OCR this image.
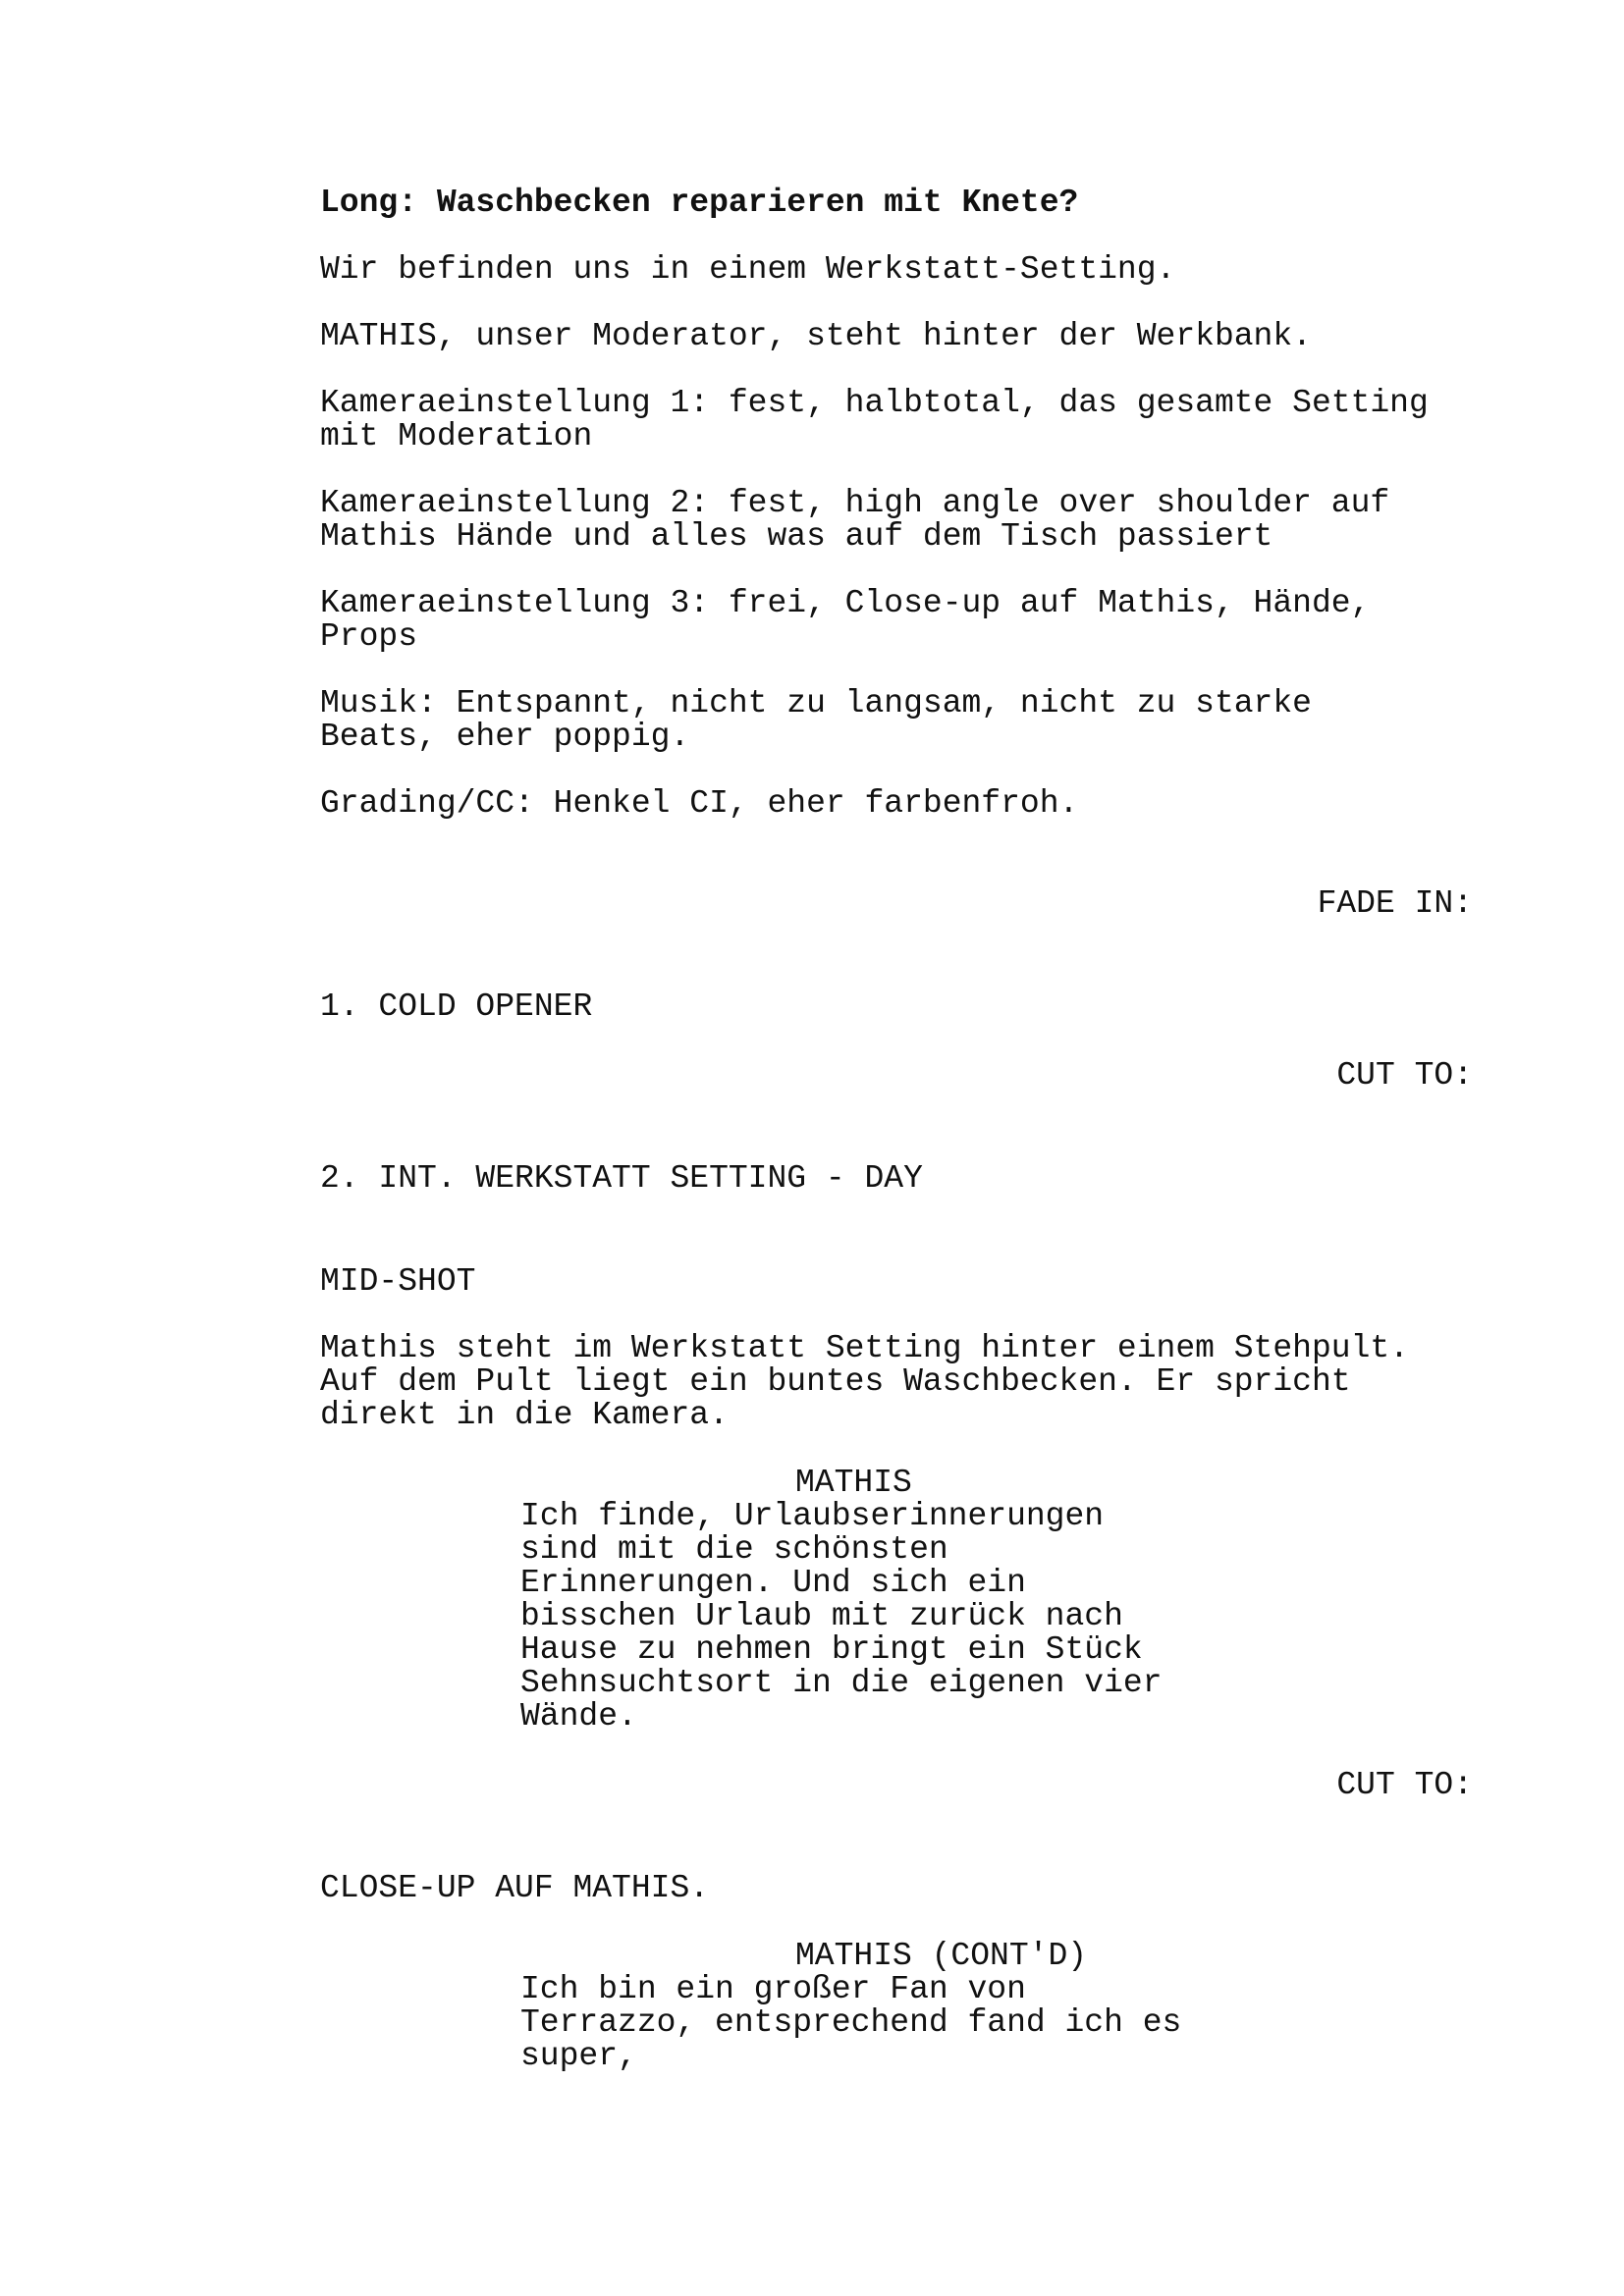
Long: Waschbecken reparieren mit Knete?

Wir befinden uns in einem Werkstatt-Setting.

MATHIS, unser Moderator, steht hinter der Werkbank.

Kameraeinstellung 1: fest, halbtotal, das gesamte Setting

mit Moderation

Kameraeinstellung 2: fest, high angle over shoulder auf

Mathis Hände und alles was auf dem Tisch passiert

Kameraeinstellung 3: frei, Close-up auf Mathis, Hände,

Props

Musik: Entspannt, nicht zu langsam, nicht zu starke

Beats, eher poppig.

Grading/CC: Henkel CI, eher farbenfroh.

FADE IN:

1. COLD OPENER

CUT TO:

2. INT. WERKSTATT SETTING - DAY

MID-SHOT

Mathis steht im Werkstatt Setting hinter einem Stehpult.

Auf dem Pult liegt ein buntes Waschbecken. Er spricht

direkt in die Kamera.

MATHIS

Ich finde, Urlaubserinnerungen

sind mit die schönsten

Erinnerungen. Und sich ein

bisschen Urlaub mit zurück nach

Hause zu nehmen bringt ein Stück

Sehnsuchtsort in die eigenen vier

Wände.

CUT TO:

CLOSE-UP AUF MATHIS.

MATHIS (CONT'D)

Ich bin ein großer Fan von

Terrazzo, entsprechend fand ich es

super,
